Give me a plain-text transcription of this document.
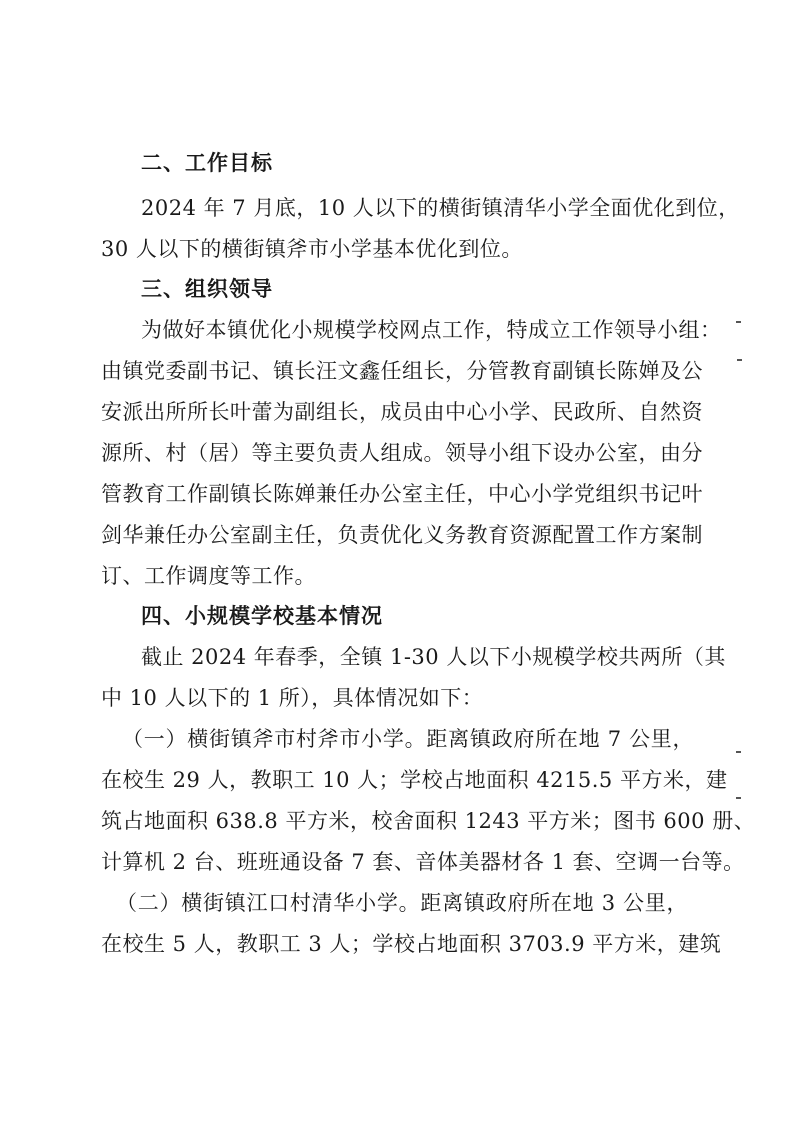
二、工作目标
2024 年 7 月底，10 人以下的横街镇清华小学全面优化到位，
30 人以下的横街镇斧市小学基本优化到位。
三、组织领导
为做好本镇优化小规模学校网点工作，特成立工作领导小组：
由镇党委副书记、镇长汪文鑫任组长，分管教育副镇长陈婵及公
安派出所所长叶蕾为副组长，成员由中心小学、民政所、自然资
源所、村（居）等主要负责人组成。领导小组下设办公室，由分
管教育工作副镇长陈婵兼任办公室主任，中心小学党组织书记叶
剑华兼任办公室副主任，负责优化义务教育资源配置工作方案制
订、工作调度等工作。
四、小规模学校基本情况
截止 2024 年春季，全镇 1-30 人以下小规模学校共两所（其
中 10 人以下的 1 所），具体情况如下：
（一）横街镇斧市村斧市小学。距离镇政府所在地 7 公里，
在校生 29 人，教职工 10 人；学校占地面积 4215.5 平方米，建
筑占地面积 638.8 平方米，校舍面积 1243 平方米；图书 600 册、
计算机 2 台、班班通设备 7 套、音体美器材各 1 套、空调一台等。
（二）横街镇江口村清华小学。距离镇政府所在地 3 公里，
在校生 5 人，教职工 3 人；学校占地面积 3703.9 平方米，建筑
